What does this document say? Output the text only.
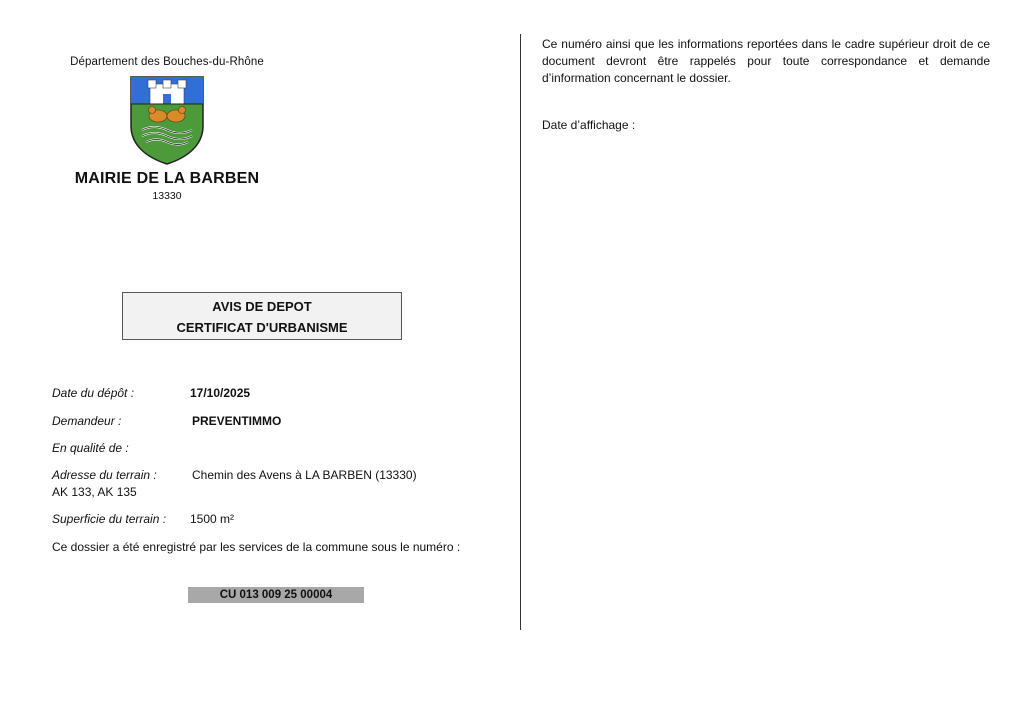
Département des Bouches-du-Rhône
MAIRIE DE LA BARBEN
13330
AVIS DE DEPOT
CERTIFICAT D'URBANISME
Date du dépôt :	17/10/2025
Demandeur :	PREVENTIMMO
En qualité de :
Adresse du terrain :	Chemin des Avens à LA BARBEN (13330)
AK 133, AK 135
Superficie du terrain : 1500 m²
Ce dossier a été enregistré par les services de la commune sous le numéro :
CU 013 009 25 00004
Ce numéro ainsi que les informations reportées dans le cadre supérieur droit de ce document devront être rappelés pour toute correspondance et demande d’information concernant le dossier.
Date d’affichage :
